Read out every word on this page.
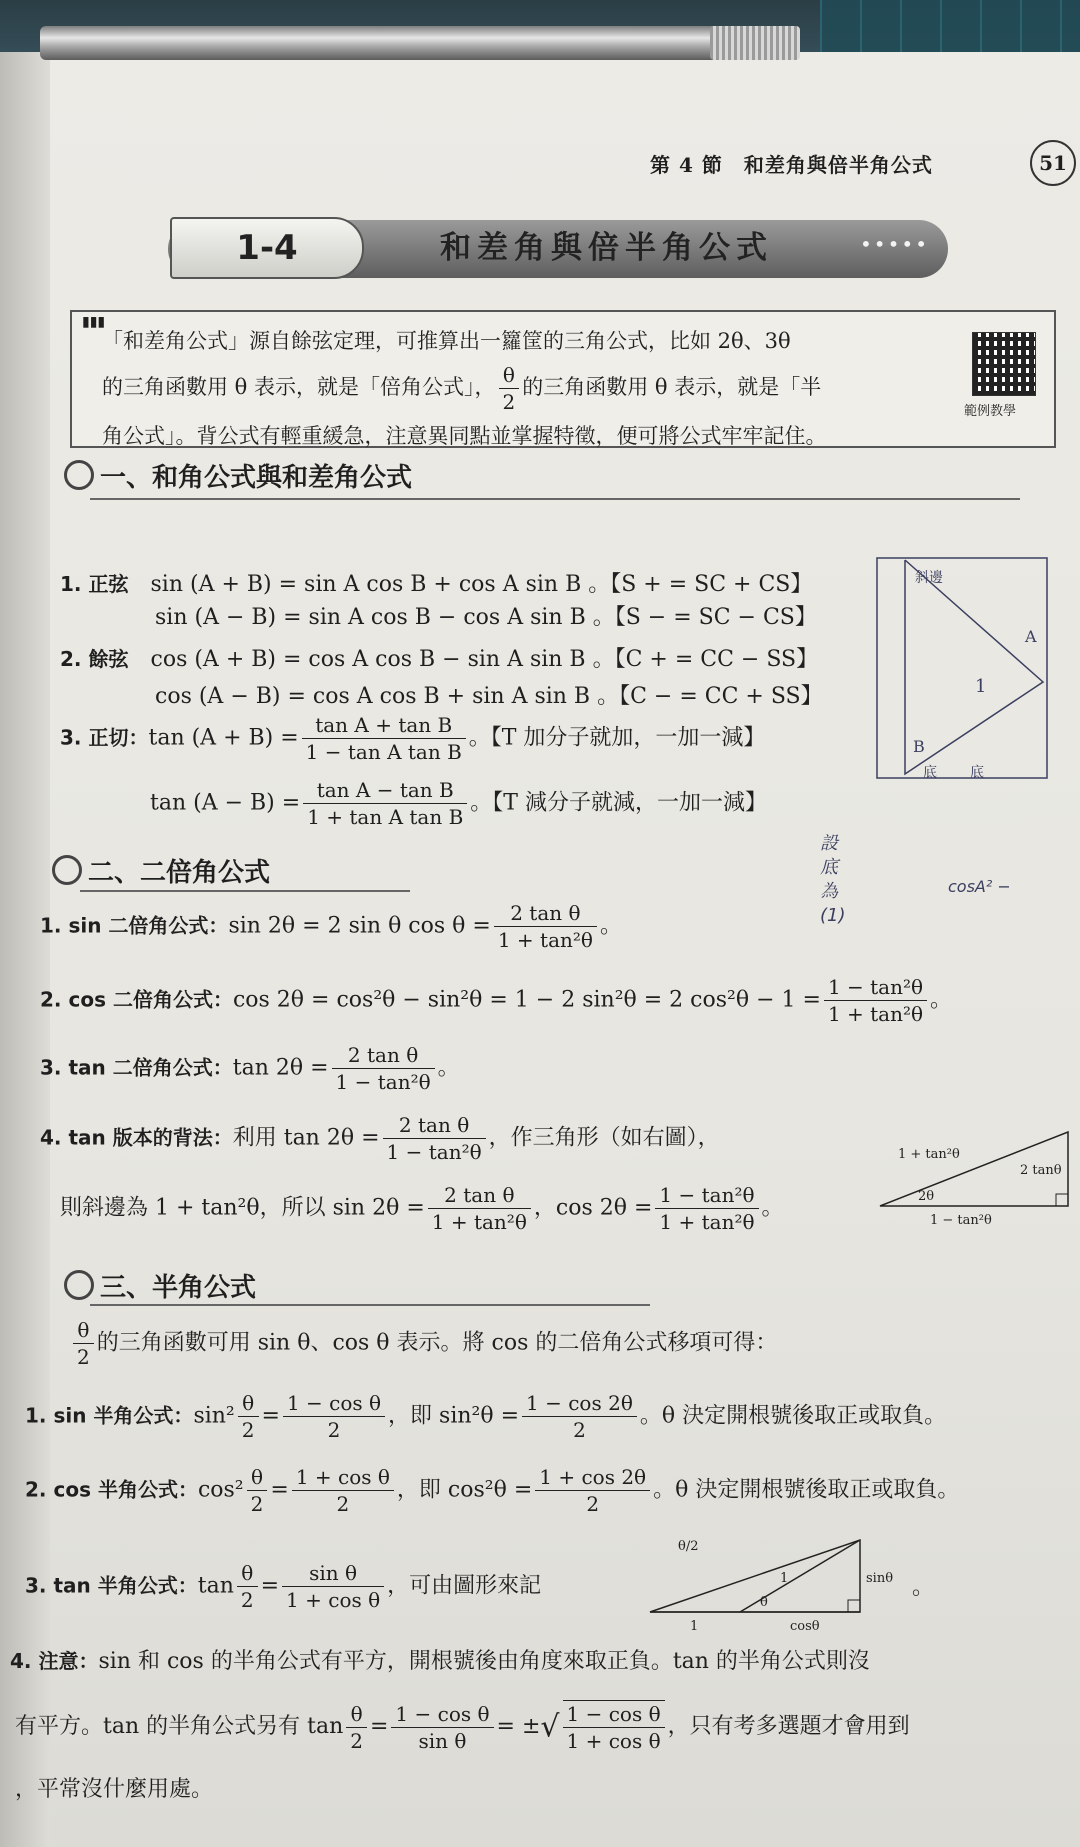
第 4 節　和差角與倍半角公式	51
1-4	和差角與倍半角公式	•••••
▮▮▮
「和差角公式」源自餘弦定理，可推算出一籮筐的三角公式，比如 2θ、3θ
的三角函數用 θ 表示，就是「倍角公式」， $\frac{\theta}{2}$ 的三角函數用 θ 表示，就是「半
角公式」。背公式有輕重緩急，注意異同點並掌握特徵，便可將公式牢牢記住。
範例教學
一、和角公式與和差角公式
1. 正弦　 sin (A + B) = sin A cos B + cos A sin B 。【S + = SC + CS】
sin (A − B) = sin A cos B − cos A sin B 。【S − = SC − CS】
2. 餘弦　 cos (A + B) = cos A cos B − sin A sin B 。【C + = CC − SS】
cos (A − B) = cos A cos B + sin A sin B 。【C − = CC + SS】
3. 正切：$\tan (A + B) = \frac{\text{tan A + tan B}}{\text{1 − tan A tan B}}$ 。【T 加分子就加，一加一減】
$\tan (A - B) = \frac{\text{tan A − tan B}}{\text{1 + tan A tan B}}$ 。【T 減分子就減，一加一減】
斜邊
A
1
B
底 底
設底為(1)
cosA² −
二、二倍角公式
1. sin 二倍角公式：sin 2θ = 2 sin θ $\cos \theta = \frac{\text{2 tan θ}}{\text{1 + tan²θ}}$ 。
2. cos 二倍角公式：cos 2θ = cos²θ − sin²θ = 1 − 2 sin²θ = 2 $\cos^2\theta - 1 = \frac{\text{1 − tan²θ}}{\text{1 + tan²θ}}$ 。
3. tan 二倍角公式：$\tan 2\theta = \frac{\text{2 tan θ}}{\text{1 − tan²θ}}$ 。
4. tan 版本的背法：利用 $\tan 2\theta = \frac{\text{2 tan θ}}{\text{1 − tan²θ}}$ ，作三角形（如右圖），
則斜邊為 1 + tan²θ，所以 $\sin 2\theta = \frac{\text{2 tan θ}}{\text{1 + tan²θ}}$ ，$\cos 2\theta = \frac{\text{1 − tan²θ}}{\text{1 + tan²θ}}$ 。
1 + tan²θ
2 tanθ
1 − tan²θ
2θ
三、半角公式
$\frac{\theta}{2}$ 的三角函數可用 sin θ、cos θ 表示。將 cos 的二倍角公式移項可得：
1. sin 半角公式：$\sin^2 \frac{\theta}{2} = \frac{\text{1 − cos θ}}{2}$ ，即 $\sin^2\theta = \frac{1 - \cos 2\theta}{2}$ 。θ 決定開根號後取正或取負。
2. cos 半角公式：$\cos^2 \frac{\theta}{2} = \frac{\text{1 + cos θ}}{2}$ ，即 $\cos^2\theta = \frac{1 + \cos 2\theta}{2}$ 。θ 決定開根號後取正或取負。
3. tan 半角公式：$\tan \frac{\theta}{2} = \frac{\text{sin θ}}{\text{1 + cos θ}}$ ，可由圖形來記
θ/2
1
1
θ
sinθ
cosθ
。
4. 注意：sin 和 cos 的半角公式有平方，開根號後由角度來取正負。tan 的半角公式則沒
有平方。tan 的半角公式另有 $\tan \frac{\theta}{2} = \frac{\text{1 − cos θ}}{\text{sin θ}}$ = ±√ $\frac{\text{1 − cos θ}}{\text{1 + cos θ}}$ ，只有考多選題才會用到
，平常沒什麼用處。
